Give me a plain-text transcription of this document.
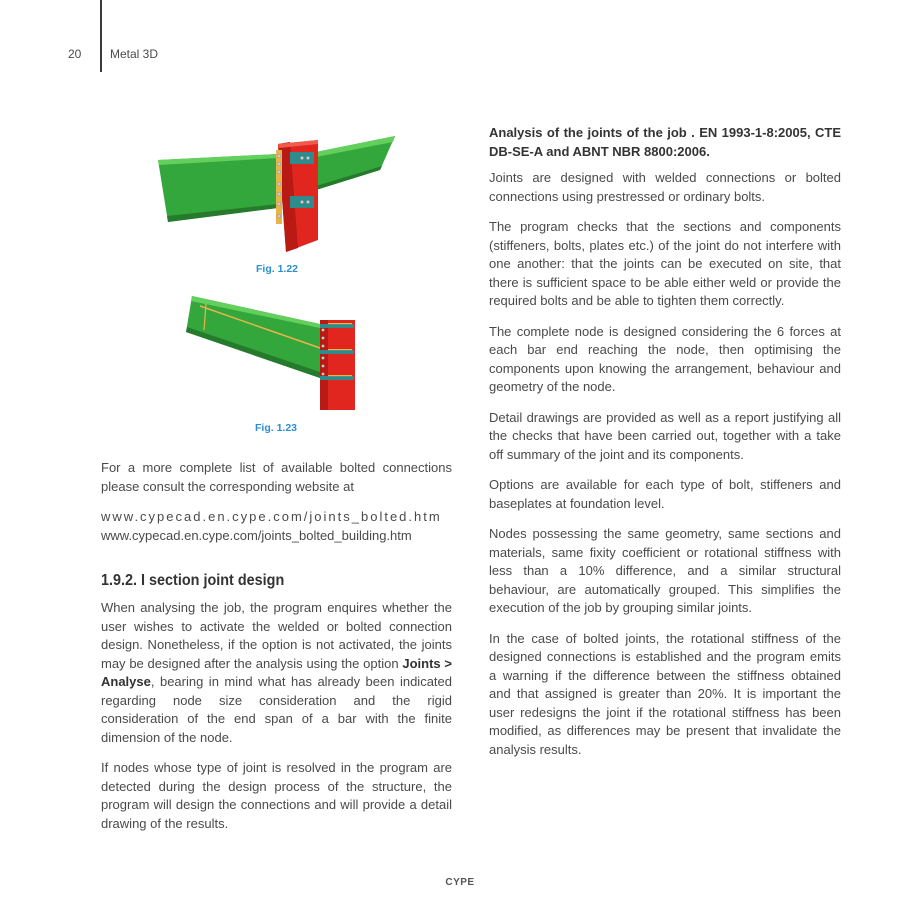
20 Metal 3D
Fig. 1.22
Fig. 1.23

For a more complete list of available bolted connections please consult the corresponding website at

www.cypecad.en.cype.com/joints_bolted.htm

www.cypecad.en.cype.com/joints_bolted_building.htm

1.9.2. I section joint design

When analysing the job, the program enquires whether the user wishes to activate the welded or bolted connection design. Nonetheless, if the option is not activated, the joints may be designed after the analysis using the option Joints > Analyse, bearing in mind what has already been indicated regarding node size consideration and the rigid consideration of the end span of a bar with the finite dimension of the node.

If nodes whose type of joint is resolved in the program are detected during the design process of the structure, the program will design the connections and will provide a detail drawing of the results.

Analysis of the joints of the job . EN 1993-1-8:2005, CTE DB-SE-A and ABNT NBR 8800:2006.

Joints are designed with welded connections or bolted connections using prestressed or ordinary bolts.

The program checks that the sections and components (stiffeners, bolts, plates etc.) of the joint do not interfere with one another: that the joints can be executed on site, that there is sufficient space to be able either weld or provide the required bolts and be able to tighten them correctly.

The complete node is designed considering the 6 forces at each bar end reaching the node, then optimising the components upon knowing the arrangement, behaviour and geometry of the node.

Detail drawings are provided as well as a report justifying all the checks that have been carried out, together with a take off summary of the joint and its components.

Options are available for each type of bolt, stiffeners and baseplates at foundation level.

Nodes possessing the same geometry, same sections and materials, same fixity coefficient or rotational stiffness with less than a 10% difference, and a similar structural behaviour, are automatically grouped. This simplifies the execution of the job by grouping similar joints.

In the case of bolted joints, the rotational stiffness of the designed connections is established and the program emits a warning if the difference between the stiffness obtained and that assigned is greater than 20%. It is important the user redesigns the joint if the rotational stiffness has been modified, as differences may be present that invalidate the analysis results.

CYPE
